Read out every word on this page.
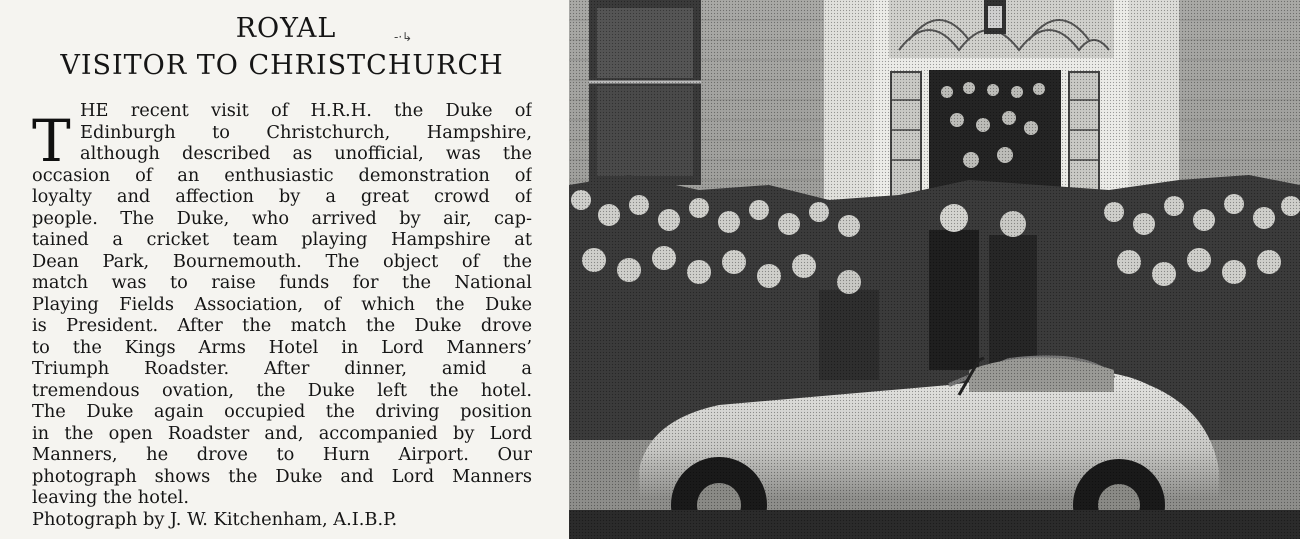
ROYAL	-·↳
VISITOR TO CHRISTCHURCH
T HE recent visit of H.R.H. the Duke of
Edinburgh to Christchurch, Hampshire,
although described as unofficial, was the
occasion of an enthusiastic demonstration of
loyalty and affection by a great crowd of
people. The Duke, who arrived by air, cap-
tained a cricket team playing Hampshire at
Dean Park, Bournemouth. The object of the
match was to raise funds for the National
Playing Fields Association, of which the Duke
is President. After the match the Duke drove
to the Kings Arms Hotel in Lord Manners’
Triumph Roadster. After dinner, amid a
tremendous ovation, the Duke left the hotel.
The Duke again occupied the driving position
in the open Roadster and, accompanied by Lord
Manners, he drove to Hurn Airport. Our
photograph shows the Duke and Lord Manners
leaving the hotel.
Photograph by J. W. Kitchenham, A.I.B.P.
